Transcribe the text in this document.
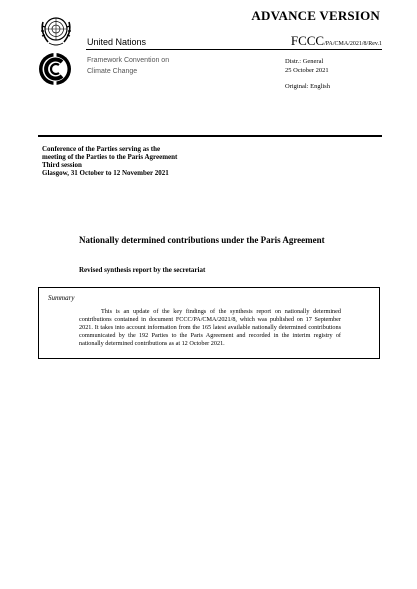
ADVANCE VERSION
United Nations	FCCC/PA/CMA/2021/8/Rev.1
Framework Convention on
Climate Change
Distr.: General
25 October 2021
Original: English
Conference of the Parties serving as the
meeting of the Parties to the Paris Agreement
Third session
Glasgow, 31 October to 12 November 2021
Nationally determined contributions under the Paris Agreement
Revised synthesis report by the secretariat
Summary
This is an update of the key findings of the synthesis report on nationally determined contributions contained in document FCCC/PA/CMA/2021/8, which was published on 17 September 2021. It takes into account information from the 165 latest available nationally determined contributions communicated by the 192 Parties to the Paris Agreement and recorded in the interim registry of nationally determined contributions as at 12 October 2021.
